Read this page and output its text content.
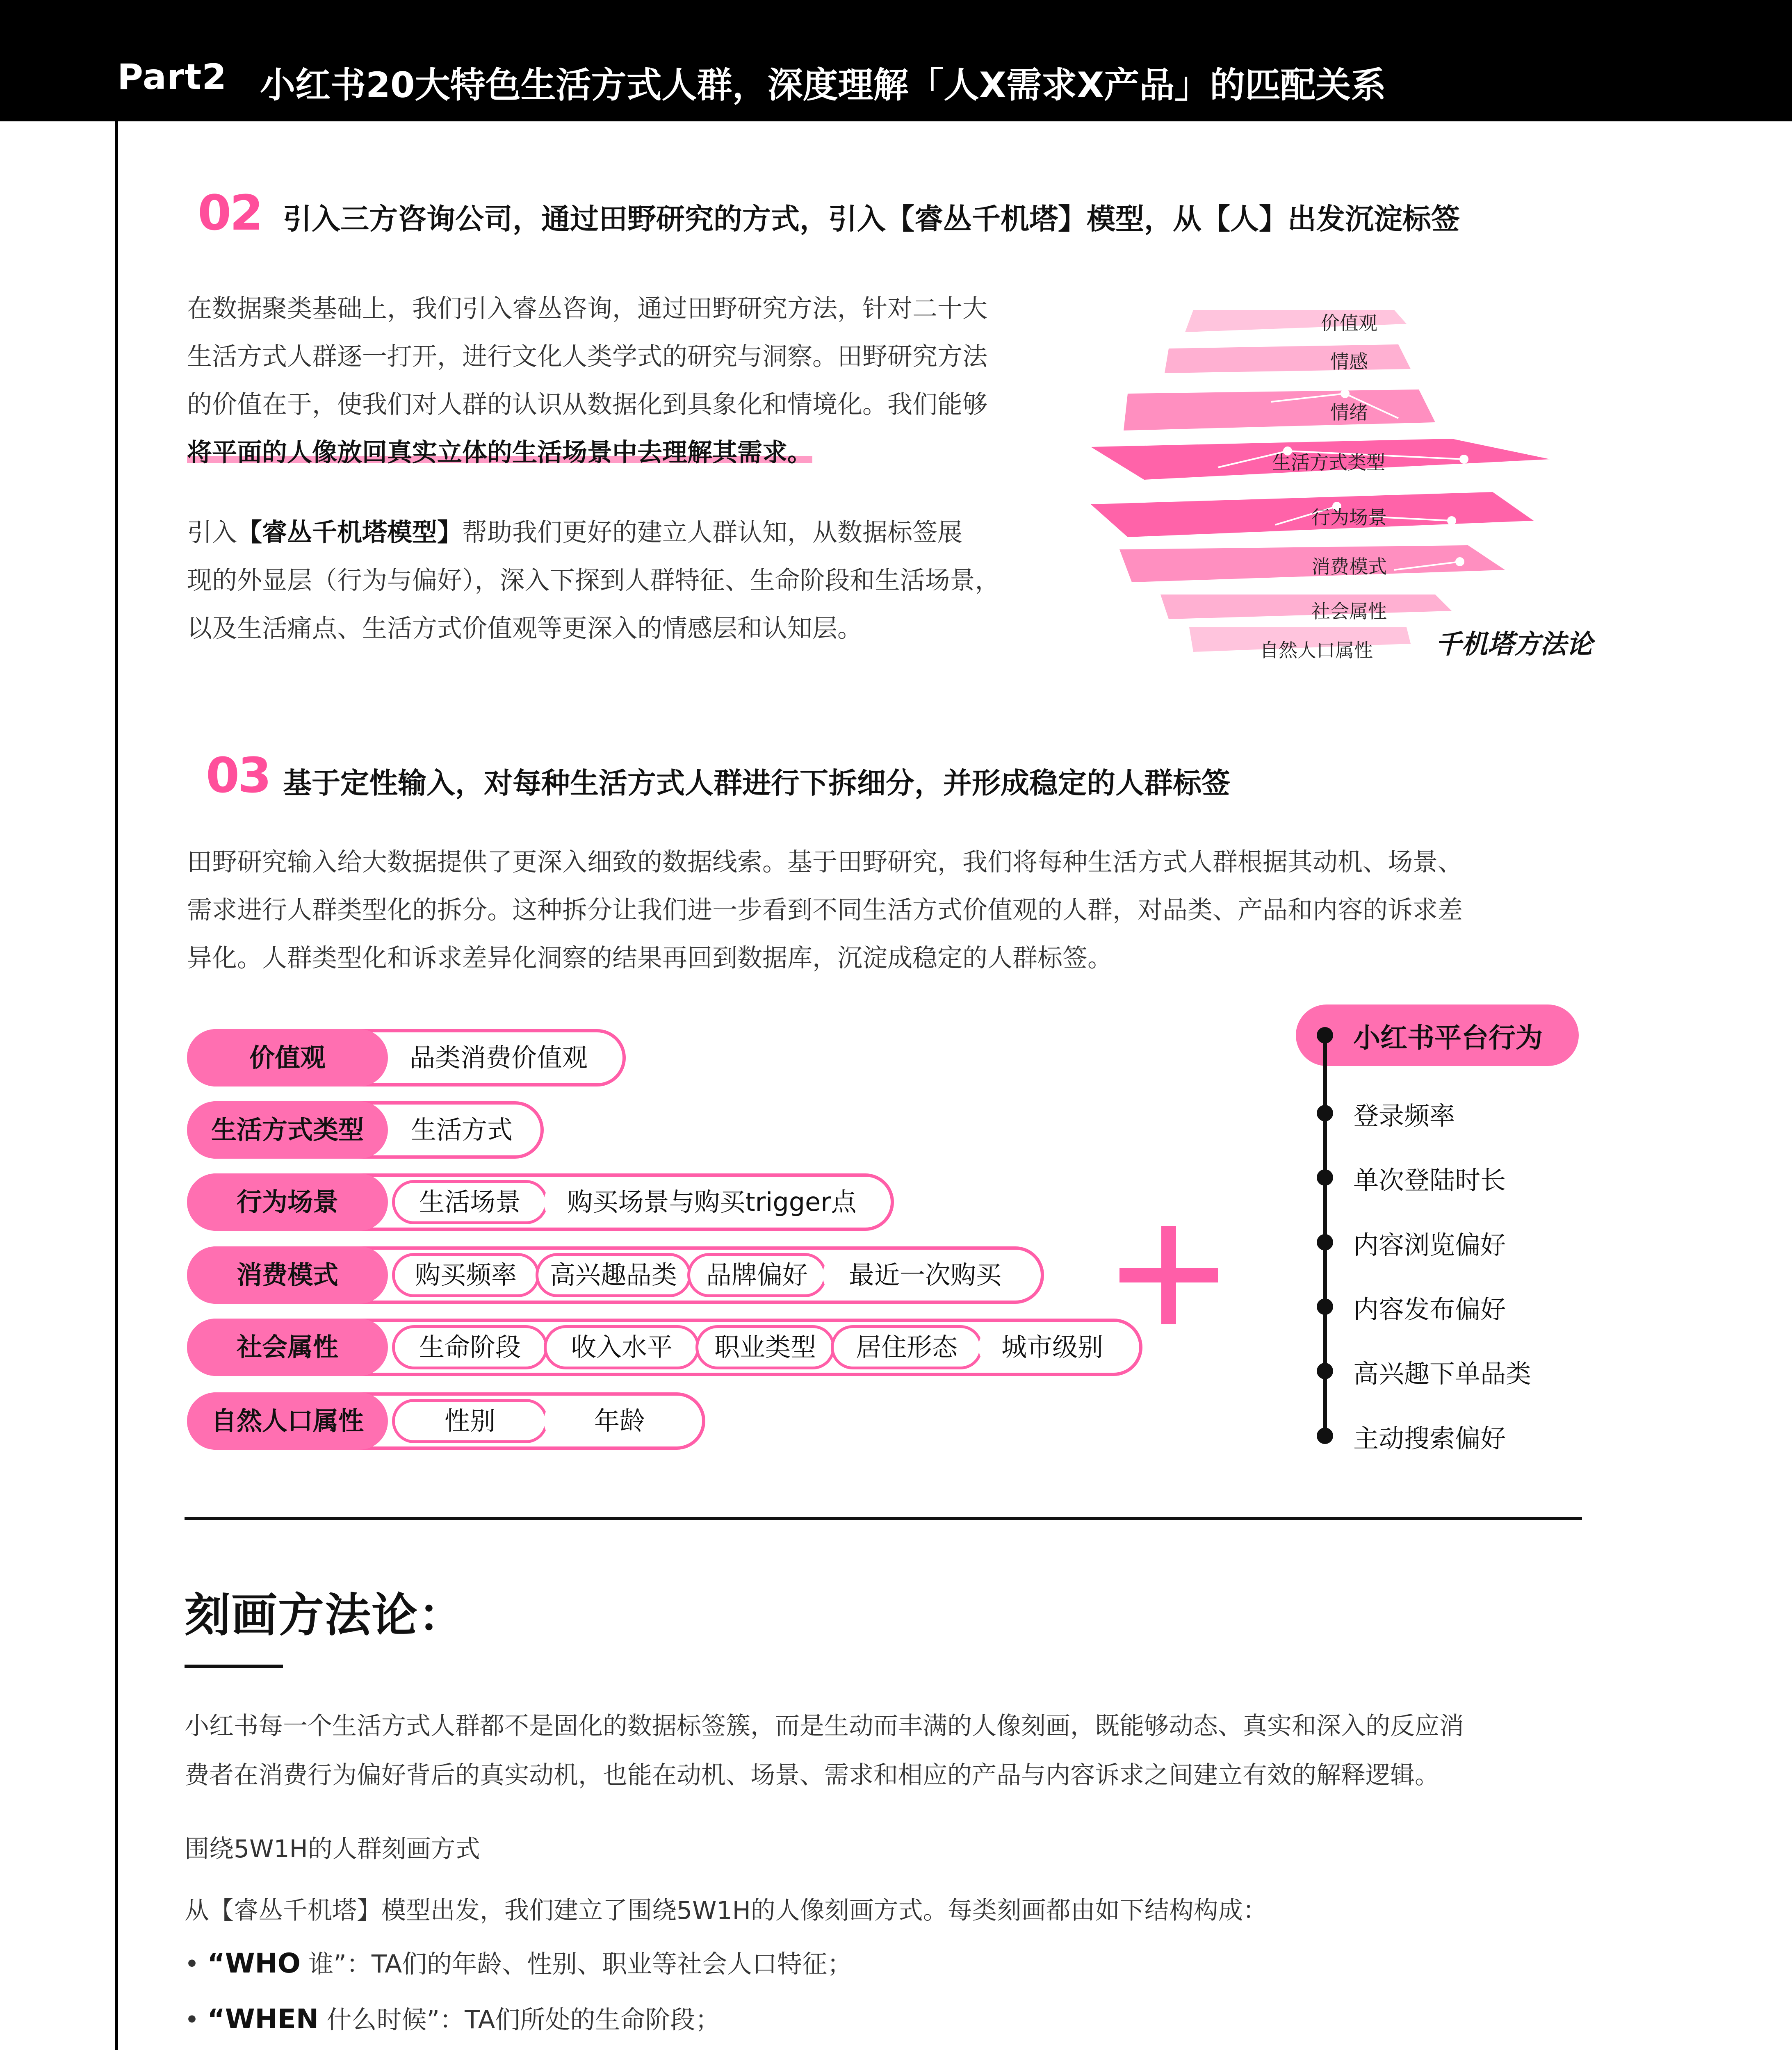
Part2 小红书20大特色生活方式人群，深度理解「人X需求X产品」的匹配关系
02 引入三方咨询公司，通过田野研究的方式，引入【睿丛千机塔】模型，从【人】出发沉淀标签

在数据聚类基础上，我们引入睿丛咨询，通过田野研究方法，针对二十大

生活方式人群逐一打开，进行文化人类学式的研究与洞察。田野研究方法

的价值在于，使我们对人群的认识从数据化到具象化和情境化。我们能够

将平面的人像放回真实立体的生活场景中去理解其需求。

引入【睿丛千机塔模型】帮助我们更好的建立人群认知，从数据标签展

现的外显层（行为与偏好），深入下探到人群特征、生命阶段和生活场景，

以及生活痛点、生活方式价值观等更深入的情感层和认知层。

价值观
情感
情绪
生活方式类型
行为场景
消费模式
社会属性
自然人口属性	千机塔方法论
03 基于定性输入，对每种生活方式人群进行下拆细分，并形成稳定的人群标签

田野研究输入给大数据提供了更深入细致的数据线索。基于田野研究，我们将每种生活方式人群根据其动机、场景、

需求进行人群类型化的拆分。这种拆分让我们进一步看到不同生活方式价值观的人群，对品类、产品和内容的诉求差

异化。人群类型化和诉求差异化洞察的结果再回到数据库，沉淀成稳定的人群标签。

价值观	品类消费价值观
生活方式类型	生活方式
行为场景	生活场景	购买场景与购买trigger点
消费模式	购买频率	高兴趣品类	品牌偏好	最近一次购买
社会属性	生命阶段	收入水平	职业类型	居住形态	城市级别
自然人口属性	性别	年龄
小红书平台行为
登录频率
单次登陆时长
内容浏览偏好
内容发布偏好
高兴趣下单品类
主动搜索偏好
刻画方法论：

小红书每一个生活方式人群都不是固化的数据标签簇，而是生动而丰满的人像刻画，既能够动态、真实和深入的反应消

费者在消费行为偏好背后的真实动机，也能在动机、场景、需求和相应的产品与内容诉求之间建立有效的解释逻辑。

围绕5W1H的人群刻画方式
从【睿丛千机塔】模型出发，我们建立了围绕5W1H的人像刻画方式。每类刻画都由如下结构构成：
• “WHO 谁”：TA们的年龄、性别、职业等社会人口特征；
• “WHEN 什么时候”：TA们所处的生命阶段；
